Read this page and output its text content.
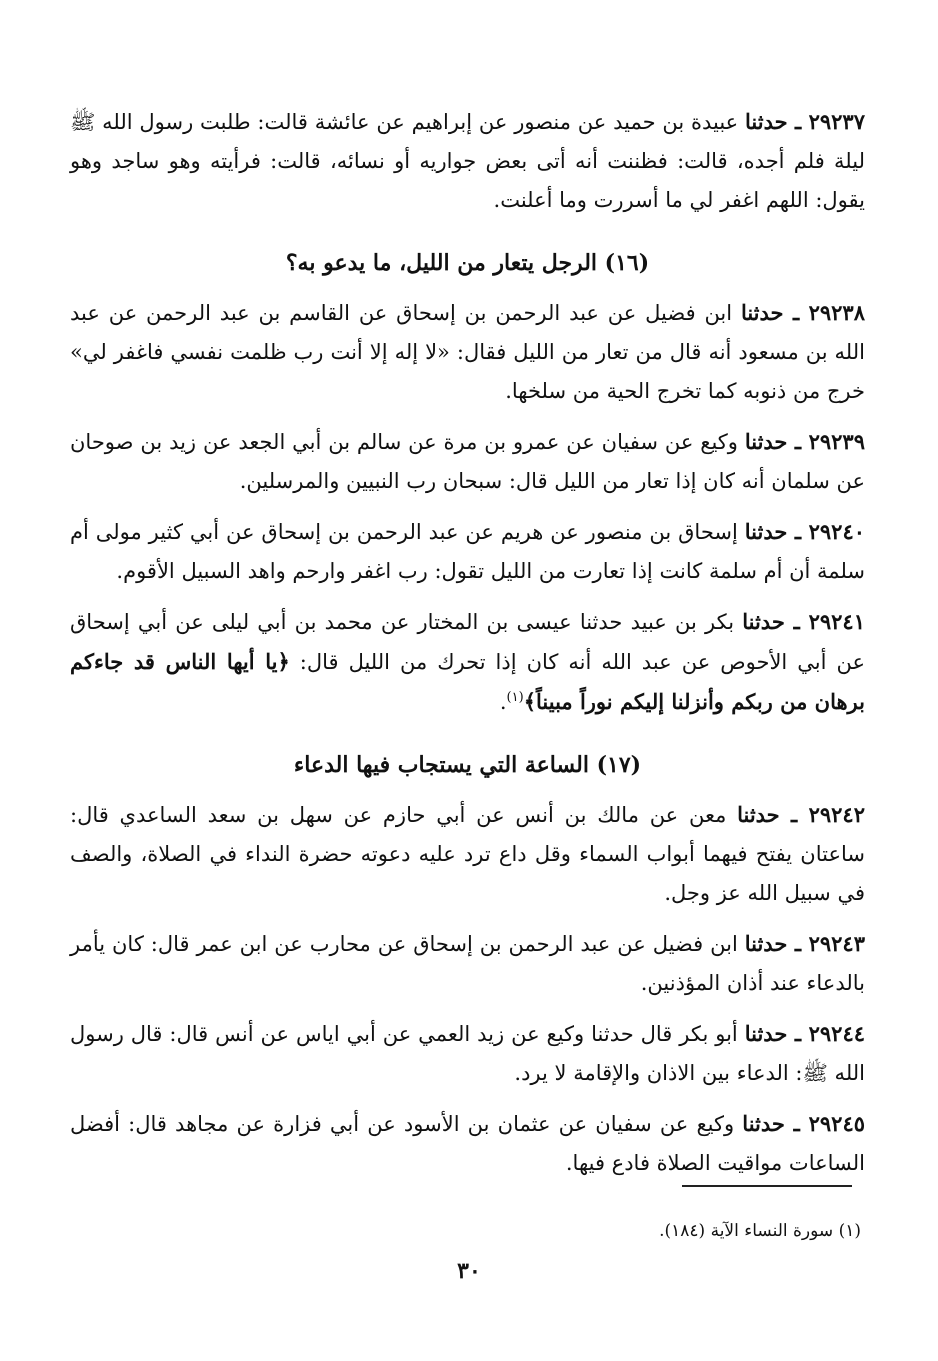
٢٩٢٣٧ ـ حدثنا عبيدة بن حميد عن منصور عن إبراهيم عن عائشة قالت: طلبت رسول الله ﷺ ليلة فلم أجده، قالت: فظننت أنه أتى بعض جواريه أو نسائه، قالت: فرأيته وهو ساجد وهو يقول: اللهم اغفر لي ما أسررت وما أعلنت.

(١٦) الرجل يتعار من الليل، ما يدعو به؟

٢٩٢٣٨ ـ حدثنا ابن فضيل عن عبد الرحمن بن إسحاق عن القاسم بن عبد الرحمن عن عبد الله بن مسعود أنه قال من تعار من الليل فقال: «لا إله إلا أنت رب ظلمت نفسي فاغفر لي» خرج من ذنوبه كما تخرج الحية من سلخها.

٢٩٢٣٩ ـ حدثنا وكيع عن سفيان عن عمرو بن مرة عن سالم بن أبي الجعد عن زيد بن صوحان عن سلمان أنه كان إذا تعار من الليل قال: سبحان رب النبيين والمرسلين.

٢٩٢٤٠ ـ حدثنا إسحاق بن منصور عن هريم عن عبد الرحمن بن إسحاق عن أبي كثير مولى أم سلمة أن أم سلمة كانت إذا تعارت من الليل تقول: رب اغفر وارحم واهد السبيل الأقوم.

٢٩٢٤١ ـ حدثنا بكر بن عبيد حدثنا عيسى بن المختار عن محمد بن أبي ليلى عن أبي إسحاق عن أبي الأحوص عن عبد الله أنه كان إذا تحرك من الليل قال: ﴿يا أيها الناس قد جاءكم برهان من ربكم وأنزلنا إليكم نوراً مبيناً﴾$^{(١)}$.

(١٧) الساعة التي يستجاب فيها الدعاء

٢٩٢٤٢ ـ حدثنا معن عن مالك بن أنس عن أبي حازم عن سهل بن سعد الساعدي قال: ساعتان يفتح فيهما أبواب السماء وقل داع ترد عليه دعوته حضرة النداء في الصلاة، والصف في سبيل الله عز وجل.

٢٩٢٤٣ ـ حدثنا ابن فضيل عن عبد الرحمن بن إسحاق عن محارب عن ابن عمر قال: كان يأمر بالدعاء عند أذان المؤذنين.

٢٩٢٤٤ ـ حدثنا أبو بكر قال حدثنا وكيع عن زيد العمي عن أبي اياس عن أنس قال: قال رسول الله ﷺ: الدعاء بين الاذان والإقامة لا يرد.

٢٩٢٤٥ ـ حدثنا وكيع عن سفيان عن عثمان بن الأسود عن أبي فزارة عن مجاهد قال: أفضل الساعات مواقيت الصلاة فادع فيها.

(١) سورة النساء الآية (١٨٤).
٣٠
